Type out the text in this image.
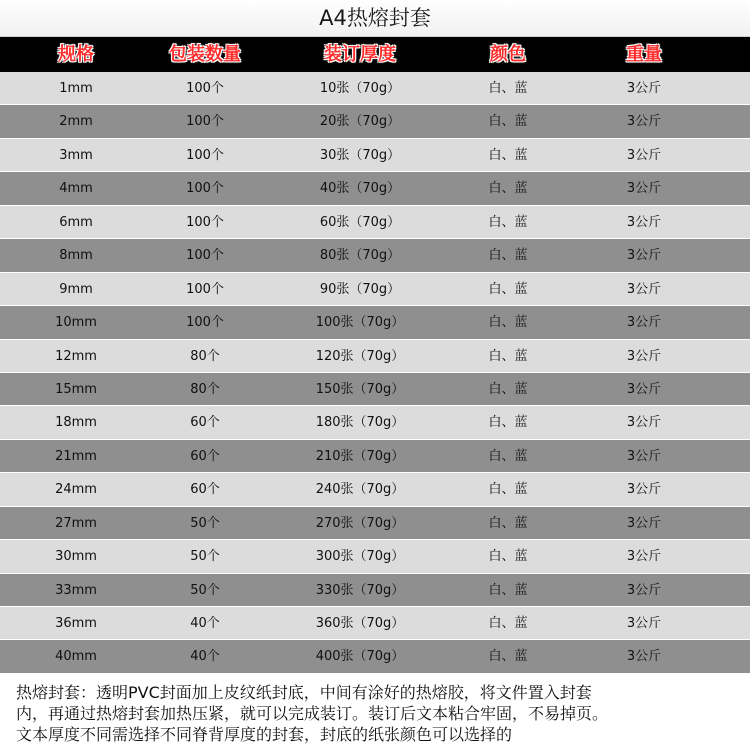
A4热熔封套
规格	包装数量	装订厚度	颜色	重量
1mm	100个	10张（70g）	白、蓝	3公斤
2mm	100个	20张（70g）	白、蓝	3公斤
3mm	100个	30张（70g）	白、蓝	3公斤
4mm	100个	40张（70g）	白、蓝	3公斤
6mm	100个	60张（70g）	白、蓝	3公斤
8mm	100个	80张（70g）	白、蓝	3公斤
9mm	100个	90张（70g）	白、蓝	3公斤
10mm	100个	100张（70g）	白、蓝	3公斤
12mm	80个	120张（70g）	白、蓝	3公斤
15mm	80个	150张（70g）	白、蓝	3公斤
18mm	60个	180张（70g）	白、蓝	3公斤
21mm	60个	210张（70g）	白、蓝	3公斤
24mm	60个	240张（70g）	白、蓝	3公斤
27mm	50个	270张（70g）	白、蓝	3公斤
30mm	50个	300张（70g）	白、蓝	3公斤
33mm	50个	330张（70g）	白、蓝	3公斤
36mm	40个	360张（70g）	白、蓝	3公斤
40mm	40个	400张（70g）	白、蓝	3公斤
热熔封套：透明PVC封面加上皮纹纸封底，中间有涂好的热熔胶，将文件置入封套
内，再通过热熔封套加热压紧，就可以完成装订。装订后文本粘合牢固，不易掉页。
文本厚度不同需选择不同脊背厚度的封套，封底的纸张颜色可以选择的
